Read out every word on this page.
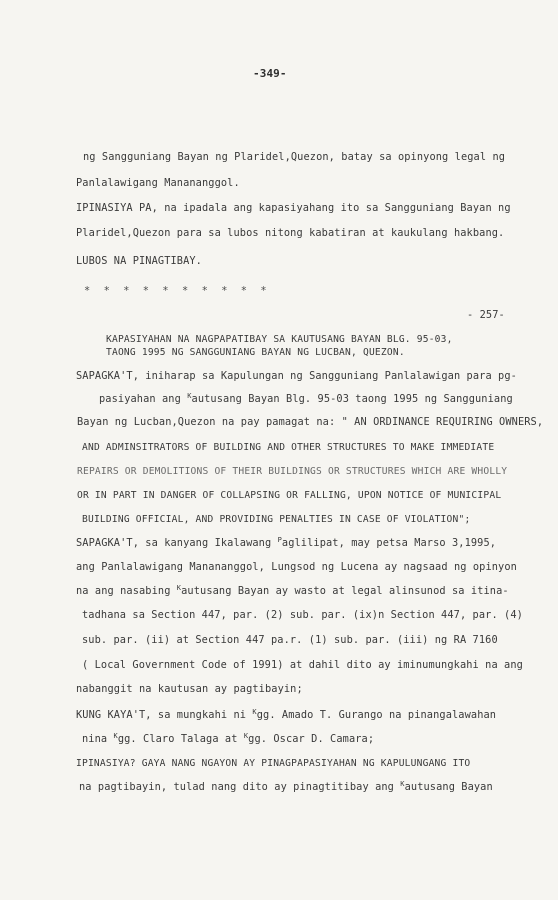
-349-
ng Sangguniang Bayan ng Plaridel,Quezon, batay sa opinyong legal ng
Panlalawigang Manananggol.
IPINASIYA PA, na ipadala ang kapasiyahang ito sa Sangguniang Bayan ng
Plaridel,Quezon para sa lubos nitong kabatiran at kaukulang hakbang.
LUBOS NA PINAGTIBAY.
* * * * * * * * * *
- 257-
KAPASIYAHAN NA NAGPAPATIBAY SA KAUTUSANG BAYAN BLG. 95-03,
TAONG 1995 NG SANGGUNIANG BAYAN NG LUCBAN, QUEZON.
SAPAGKA'T, iniharap sa Kapulungan ng Sangguniang Panlalawigan para pg-
pasiyahan ang $^K$autusang Bayan Blg. 95-03 taong 1995 ng Sangguniang
Bayan ng Lucban,Quezon na pay pamagat na: " AN ORDINANCE REQUIRING OWNERS,
AND ADMINSITRATORS OF BUILDING AND OTHER STRUCTURES TO MAKE IMMEDIATE
REPAIRS OR DEMOLITIONS OF THEIR BUILDINGS OR STRUCTURES WHICH ARE WHOLLY
OR IN PART IN DANGER OF COLLAPSING OR FALLING, UPON NOTICE OF MUNICIPAL
BUILDING OFFICIAL, AND PROVIDING PENALTIES IN CASE OF VIOLATION";
SAPAGKA'T, sa kanyang Ikalawang $^P$aglilipat, may petsa Marso 3,1995,
ang Panlalawigang Manananggol, Lungsod ng Lucena ay nagsaad ng opinyon
na ang nasabing $^K$autusang Bayan ay wasto at legal alinsunod sa itina-
tadhana sa Section 447, par. (2) sub. par. (ix)n Section 447, par. (4)
sub. par. (ii) at Section 447 pa.r. (1) sub. par. (iii) ng RA 7160
( Local Government Code of 1991) at dahil dito ay iminumungkahi na ang
nabanggit na kautusan ay pagtibayin;
KUNG KAYA'T, sa mungkahi ni $^K$gg. Amado T. Gurango na pinangalawahan
nina $^K$gg. Claro Talaga at $^K$gg. Oscar D. Camara;
IPINASIYA? GAYA NANG NGAYON AY PINAGPAPASIYAHAN NG KAPULUNGANG ITO
na pagtibayin, tulad nang dito ay pinagtitibay ang $^K$autusang Bayan
